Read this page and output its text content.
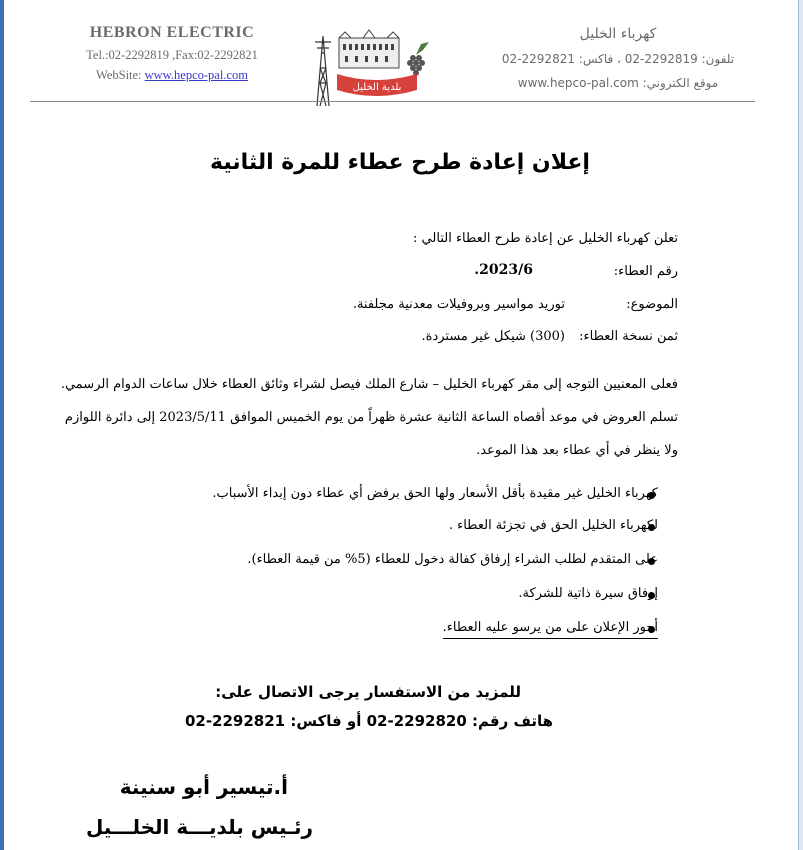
HEBRON ELECTRIC
Tel.:02-2292819 ,Fax:02-2292821
WebSite: www.hepco-pal.com
بلدية الخليل
كهرباء الخليل
تلفون: 2292819-02 ، فاكس: 2292821-02
موقع الكتروني: www.hepco-pal.com
إعلان إعادة طرح عطاء للمرة الثانية
تعلن كهرباء الخليل عن إعادة طرح العطاء التالي :
رقم العطاء:
2023/6.
الموضوع:
توريد مواسير وبروفيلات معدنية مجلفنة.
ثمن نسخة العطاء:
(300) شيكل غير مستردة.
فعلى المعنيين التوجه إلى مقر كهرباء الخليل – شارع الملك فيصل لشراء وثائق العطاء خلال ساعات الدوام الرسمي.
تسلم العروض في موعد أقصاه الساعة الثانية عشرة ظهراً من يوم الخميس الموافق 2023/5/11 إلى دائرة اللوازم
ولا ينظر في أي عطاء بعد هذا الموعد.
كهرباء الخليل غير مقيدة بأقل الأسعار ولها الحق برفض أي عطاء دون إبداء الأسباب.
لكهرباء الخليل الحق في تجزئة العطاء .
على المتقدم لطلب الشراء إرفاق كفالة دخول للعطاء (5% من قيمة العطاء).
إرفاق سيرة ذاتية للشركة.
أجور الإعلان على من يرسو عليه العطاء.
للمزيد من الاستفسار يرجى الاتصال على:
هاتف رقم: 2292820-02 أو فاكس: 2292821-02
أ.تيسير أبو سنينة
رئـيس بلديـــة الخلـــيل
